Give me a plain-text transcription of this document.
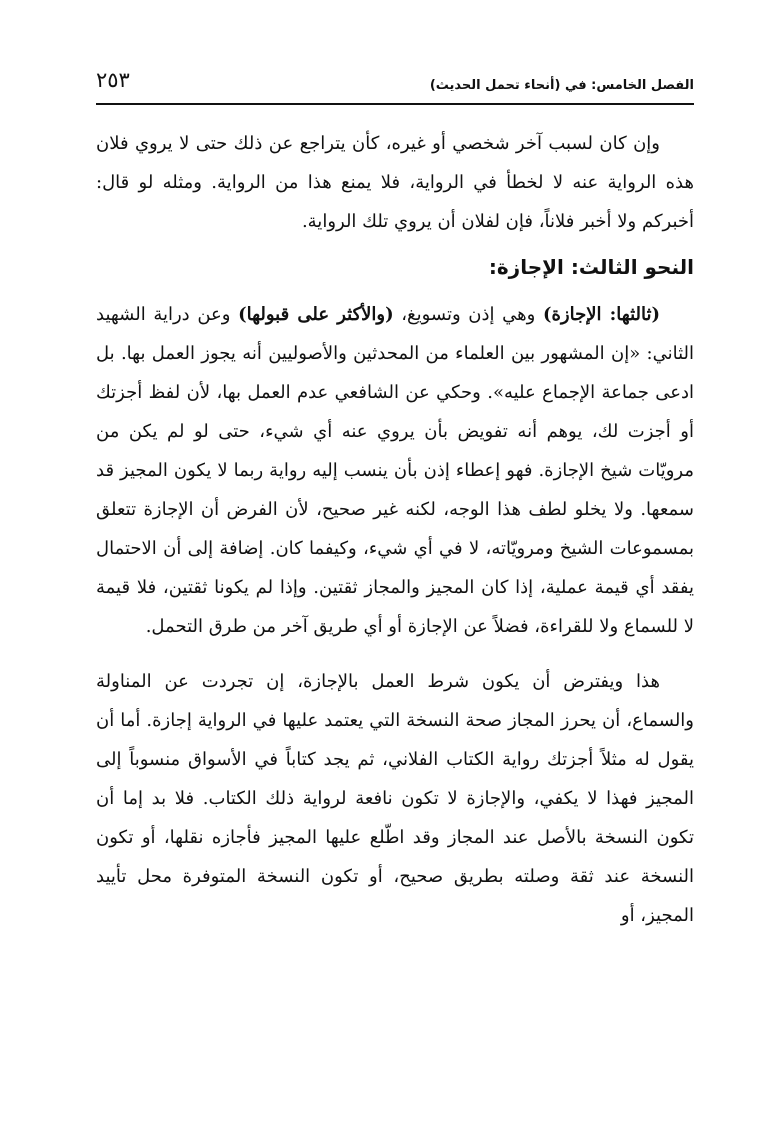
الفصل الخامس: في (أنحاء تحمل الحديث)
٢٥٣

وإن كان لسبب آخر شخصي أو غيره، كأن يتراجع عن ذلك حتى لا يروي فلان هذه الرواية عنه لا لخطأ في الرواية، فلا يمنع هذا من الرواية. ومثله لو قال: أخبركم ولا أخبر فلاناً، فإن لفلان أن يروي تلك الرواية.

النحو الثالث: الإجازة:

(ثالثها: الإجازة) وهي إذن وتسويغ، (والأكثر على قبولها) وعن دراية الشهيد الثاني: «إن المشهور بين العلماء من المحدثين والأصوليين أنه يجوز العمل بها. بل ادعى جماعة الإجماع عليه». وحكي عن الشافعي عدم العمل بها، لأن لفظ أجزتك أو أجزت لك، يوهم أنه تفويض بأن يروي عنه أي شيء، حتى لو لم يكن من مرويّات شيخ الإجازة. فهو إعطاء إذن بأن ينسب إليه رواية ربما لا يكون المجيز قد سمعها. ولا يخلو لطف هذا الوجه، لكنه غير صحيح، لأن الفرض أن الإجازة تتعلق بمسموعات الشيخ ومرويّاته، لا في أي شيء، وكيفما كان. إضافة إلى أن الاحتمال يفقد أي قيمة عملية، إذا كان المجيز والمجاز ثقتين. وإذا لم يكونا ثقتين، فلا قيمة لا للسماع ولا للقراءة، فضلاً عن الإجازة أو أي طريق آخر من طرق التحمل.

هذا ويفترض أن يكون شرط العمل بالإجازة، إن تجردت عن المناولة والسماع، أن يحرز المجاز صحة النسخة التي يعتمد عليها في الرواية إجازة. أما أن يقول له مثلاً أجزتك رواية الكتاب الفلاني، ثم يجد كتاباً في الأسواق منسوباً إلى المجيز فهذا لا يكفي، والإجازة لا تكون نافعة لرواية ذلك الكتاب. فلا بد إما أن تكون النسخة بالأصل عند المجاز وقد اطّلع عليها المجيز فأجازه نقلها، أو تكون النسخة عند ثقة وصلته بطريق صحيح، أو تكون النسخة المتوفرة محل تأييد المجيز، أو
